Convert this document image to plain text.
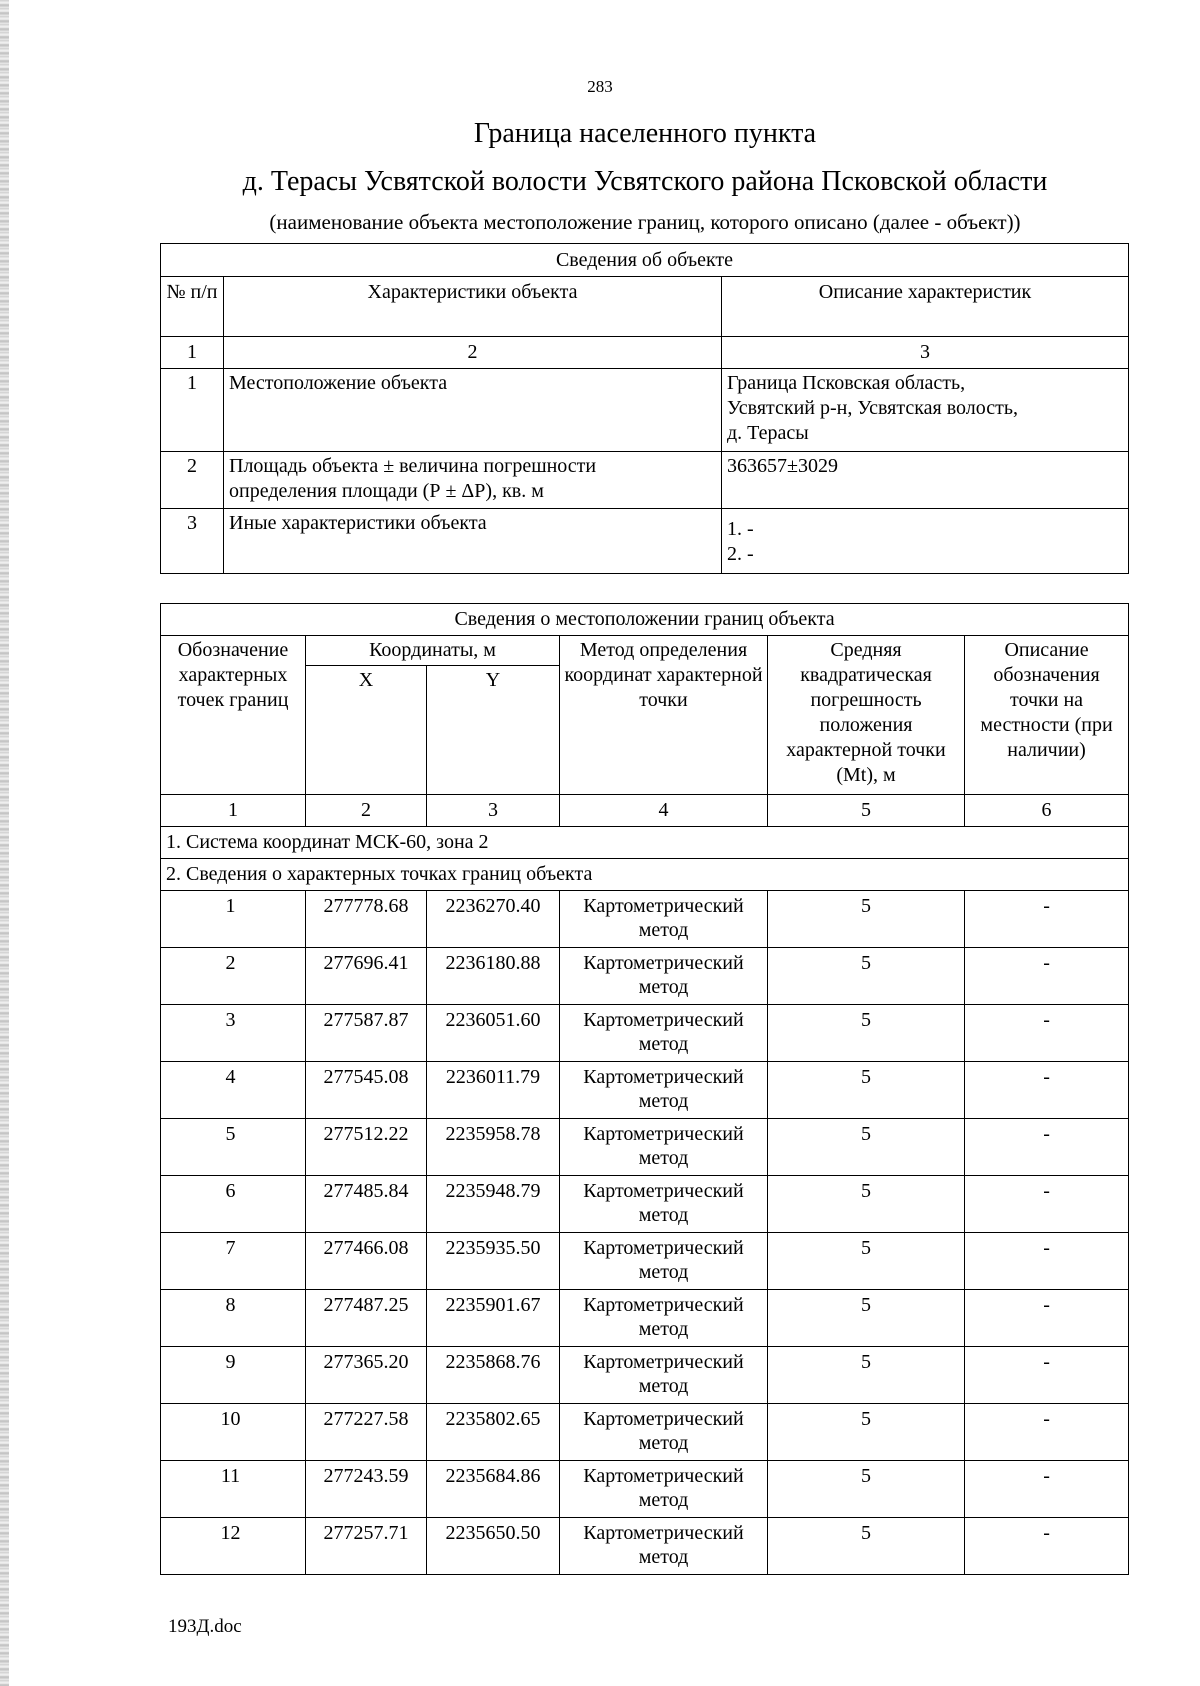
283
Граница населенного пункта
д. Терасы Усвятской волости Усвятского района Псковской области
(наименование объекта местоположение границ, которого описано (далее - объект))
Сведения об объекте		
№ п/п	Характеристики объекта	Описание характеристик
1	2	3
1	Местоположение объекта	Граница Псковская область,
Усвятский р-н, Усвятская волость,
д. Терасы

2	Площадь объекта ± величина погрешности
определения площади (Р ± ΔР), кв. м	363657±3029
3	Иные характеристики объекта	1. -
2. -
Сведения о местоположении границ объекта					
Обозначение характерных точек границ	Координаты, м		Метод определения координат характерной точки	Средняя квадратическая погрешность положения характерной точки (Mt), м	Описание обозначения точки на местности (при наличии)
	X	Y			
1	2	3	4	5	6
1. Система координат МСК-60, зона 2					
2. Сведения о характерных точках границ объекта					
1	277778.68	2236270.40	Картометрический
метод	5	-
2	277696.41	2236180.88	Картометрический
метод	5	-
3	277587.87	2236051.60	Картометрический
метод	5	-
4	277545.08	2236011.79	Картометрический
метод	5	-
5	277512.22	2235958.78	Картометрический
метод	5	-
6	277485.84	2235948.79	Картометрический
метод	5	-
7	277466.08	2235935.50	Картометрический
метод	5	-
8	277487.25	2235901.67	Картометрический
метод	5	-
9	277365.20	2235868.76	Картометрический
метод	5	-
10	277227.58	2235802.65	Картометрический
метод	5	-
11	277243.59	2235684.86	Картометрический
метод	5	-
12	277257.71	2235650.50	Картометрический
метод	5	-
193Д.doc
